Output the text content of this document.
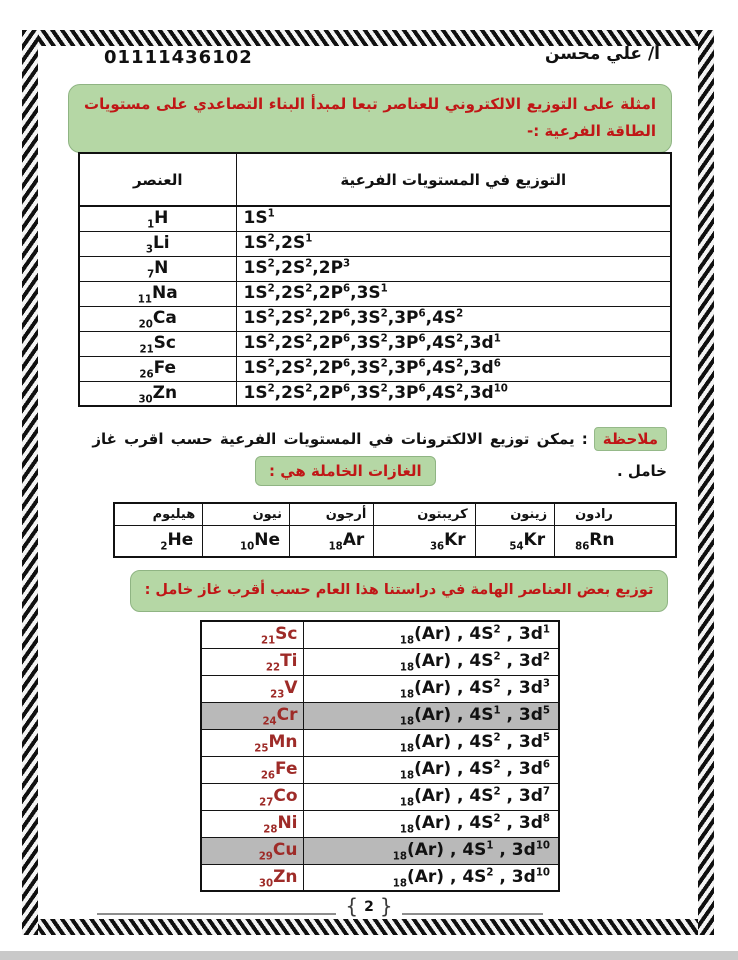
أ/ علي محسن
01111436102
امثلة على التوزيع الالكتروني للعناصر تبعا لمبدأ البناء التصاعدي على مستويات الطاقة الفرعية :-
العنصر	التوزيع في المستويات الفرعية
$_1$H	$1S^1$
$_3$Li	$1S^2,2S^1$
$_7$N	$1S^2,2S^2,2P^3$
$_{11}$Na	$1S^2,2S^2,2P^6,3S^1$
$_{20}$Ca	$1S^2,2S^2,2P^6,3S^2,3P^6,4S^2$
$_{21}$Sc	$1S^2,2S^2,2P^6,3S^2,3P^6,4S^2,3d^1$
$_{26}$Fe	$1S^2,2S^2,2P^6,3S^2,3P^6,4S^2,3d^6$
$_{30}$Zn	$1S^2,2S^2,2P^6,3S^2,3P^6,4S^2,3d^{10}$
ملاحظة: يمكن توزيع الالكترونات في المستويات الفرعية حسب اقرب غاز
خامل .
الغازات الخاملة هي :
هيليوم	نيون	أرجون	كريبتون	زينون	رادون
$_2$He	$_{10}$Ne	$_{18}$Ar	$_{36}$Kr	$_{54}$Kr	$_{86}$Rn
توزيع بعض العناصر الهامة في دراستنا هذا العام حسب أقرب غاز خامل :
$_{21}$Sc	$_{18}$(Ar) , $4S^2$ , $3d^1$
$_{22}$Ti	$_{18}$(Ar) , $4S^2$ , $3d^2$
$_{23}$V	$_{18}$(Ar) , $4S^2$ , $3d^3$
$_{24}$Cr	$_{18}$(Ar) , $4S^1$ , $3d^5$
$_{25}$Mn	$_{18}$(Ar) , $4S^2$ , $3d^5$
$_{26}$Fe	$_{18}$(Ar) , $4S^2$ , $3d^6$
$_{27}$Co	$_{18}$(Ar) , $4S^2$ , $3d^7$
$_{28}$Ni	$_{18}$(Ar) , $4S^2$ , $3d^8$
$_{29}$Cu	$_{18}$(Ar) , $4S^1$ , $3d^{10}$
$_{30}$Zn	$_{18}$(Ar) , $4S^2$ , $3d^{10}$
{ 2 }
